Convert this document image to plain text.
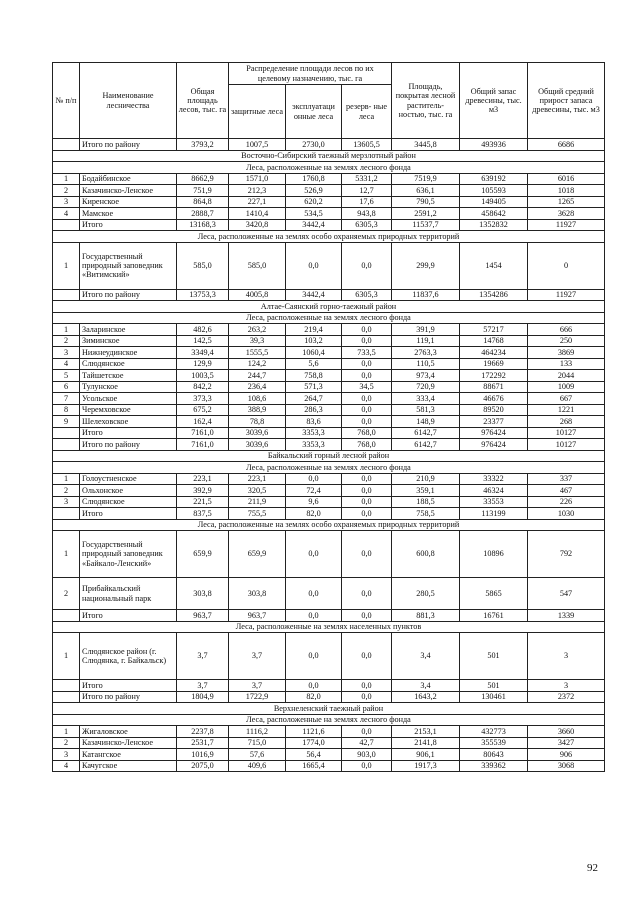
№ п/п	Наименование лесничества	Общая площадь лесов, тыс. га	Распределение площади лесов по их целевому назначению, тыс. га			Площадь, покрытая лесной раститель- ностью, тыс. га	Общий запас древесины, тыс. м3	Общий средний прирост запаса древесины, тыс. м3
			защитные леса	эксплуатаци онные леса	резерв- ные леса			
	Итого по району	3793,2	1007,5	2730,0	13605,5	3445,8	493936	6686
Восточно-Сибирский таежный мерзлотный район								
Леса, расположенные на землях лесного фонда								
1	Бодайбинское	8662,9	1571,0	1760,8	5331,2	7519,9	639192	6016
2	Казачинско-Ленское	751,9	212,3	526,9	12,7	636,1	105593	1018
3	Киренское	864,8	227,1	620,2	17,6	790,5	149405	1265
4	Мамское	2888,7	1410,4	534,5	943,8	2591,2	458642	3628
	Итого	13168,3	3420,8	3442,4	6305,3	11537,7	1352832	11927
Леса, расположенные на землях особо охраняемых природных территорий								
1	Государственный природный заповедник «Витимский»	585,0	585,0	0,0	0,0	299,9	1454	0
	Итого по району	13753,3	4005,8	3442,4	6305,3	11837,6	1354286	11927
Алтае-Саянский горно-таежный район								
Леса, расположенные на землях лесного фонда								
1	Заларинское	482,6	263,2	219,4	0,0	391,9	57217	666
2	Зиминское	142,5	39,3	103,2	0,0	119,1	14768	250
3	Нижнеудинское	3349,4	1555,5	1060,4	733,5	2763,3	464234	3869
4	Слюдянское	129,9	124,2	5,6	0,0	110,5	19669	133
5	Тайшетское	1003,5	244,7	758,8	0,0	973,4	172292	2044
6	Тулунское	842,2	236,4	571,3	34,5	720,9	88671	1009
7	Усольское	373,3	108,6	264,7	0,0	333,4	46676	667
8	Черемховское	675,2	388,9	286,3	0,0	581,3	89520	1221
9	Шелеховское	162,4	78,8	83,6	0,0	148,9	23377	268
	Итого	7161,0	3039,6	3353,3	768,0	6142,7	976424	10127
	Итого по району	7161,0	3039,6	3353,3	768,0	6142,7	976424	10127
Байкальский горный лесной район								
Леса, расположенные на землях лесного фонда								
1	Голоустненское	223,1	223,1	0,0	0,0	210,9	33322	337
2	Ольхонское	392,9	320,5	72,4	0,0	359,1	46324	467
3	Слюдянское	221,5	211,9	9,6	0,0	188,5	33553	226
	Итого	837,5	755,5	82,0	0,0	758,5	113199	1030
Леса, расположенные на землях особо охраняемых природных территорий								
1	Государственный природный заповедник «Байкало-Ленский»	659,9	659,9	0,0	0,0	600,8	10896	792
2	Прибайкальский национальный парк	303,8	303,8	0,0	0,0	280,5	5865	547
	Итого	963,7	963,7	0,0	0,0	881,3	16761	1339
Леса, расположенные на землях населенных пунктов								
1	Слюдянское район (г. Слюдянка, г. Байкальск)	3,7	3,7	0,0	0,0	3,4	501	3
	Итого	3,7	3,7	0,0	0,0	3,4	501	3
	Итого по району	1804,9	1722,9	82,0	0,0	1643,2	130461	2372
Верхнеленский таежный район								
Леса, расположенные на землях лесного фонда								
1	Жигаловское	2237,8	1116,2	1121,6	0,0	2153,1	432773	3660
2	Казачинско-Ленское	2531,7	715,0	1774,0	42,7	2141,8	355539	3427
3	Катангское	1016,9	57,6	56,4	903,0	906,1	80643	906
4	Качугское	2075,0	409,6	1665,4	0,0	1917,3	339362	3068
92
